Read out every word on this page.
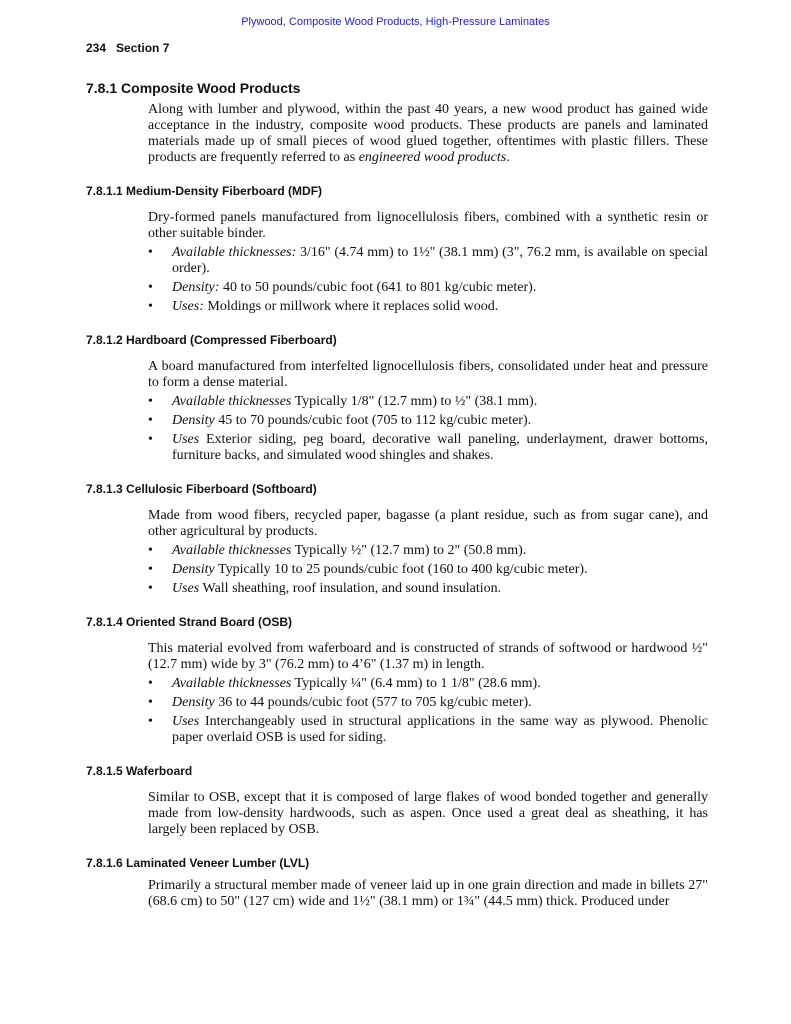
Plywood, Composite Wood Products, High-Pressure Laminates
234 Section 7
7.8.1 Composite Wood Products

Along with lumber and plywood, within the past 40 years, a new wood product has gained wide acceptance in the industry, composite wood products. These products are panels and laminated materials made up of small pieces of wood glued together, oftentimes with plastic fillers. These products are frequently referred to as engineered wood products.

7.8.1.1 Medium-Density Fiberboard (MDF)

Dry-formed panels manufactured from lignocellulosis fibers, combined with a synthetic resin or other suitable binder.

• Available thicknesses: 3/16" (4.74 mm) to 1½" (38.1 mm) (3", 76.2 mm, is available on special order).
• Density: 40 to 50 pounds/cubic foot (641 to 801 kg/cubic meter).
• Uses: Moldings or millwork where it replaces solid wood.
7.8.1.2 Hardboard (Compressed Fiberboard)

A board manufactured from interfelted lignocellulosis fibers, consolidated under heat and pressure to form a dense material.

• Available thicknesses Typically 1/8" (12.7 mm) to ½" (38.1 mm).
• Density 45 to 70 pounds/cubic foot (705 to 112 kg/cubic meter).
• Uses Exterior siding, peg board, decorative wall paneling, underlayment, drawer bottoms, furniture backs, and simulated wood shingles and shakes.
7.8.1.3 Cellulosic Fiberboard (Softboard)

Made from wood fibers, recycled paper, bagasse (a plant residue, such as from sugar cane), and other agricultural by products.

• Available thicknesses Typically ½" (12.7 mm) to 2" (50.8 mm).
• Density Typically 10 to 25 pounds/cubic foot (160 to 400 kg/cubic meter).
• Uses Wall sheathing, roof insulation, and sound insulation.
7.8.1.4 Oriented Strand Board (OSB)

This material evolved from waferboard and is constructed of strands of softwood or hardwood ½" (12.7 mm) wide by 3" (76.2 mm) to 4’6" (1.37 m) in length.

• Available thicknesses Typically ¼" (6.4 mm) to 1 1/8" (28.6 mm).
• Density 36 to 44 pounds/cubic foot (577 to 705 kg/cubic meter).
• Uses Interchangeably used in structural applications in the same way as plywood. Phenolic paper overlaid OSB is used for siding.
7.8.1.5 Waferboard

Similar to OSB, except that it is composed of large flakes of wood bonded together and generally made from low-density hardwoods, such as aspen. Once used a great deal as sheathing, it has largely been replaced by OSB.

7.8.1.6 Laminated Veneer Lumber (LVL)

Primarily a structural member made of veneer laid up in one grain direction and made in billets 27" (68.6 cm) to 50" (127 cm) wide and 1½" (38.1 mm) or 1¾" (44.5 mm) thick. Produced under
